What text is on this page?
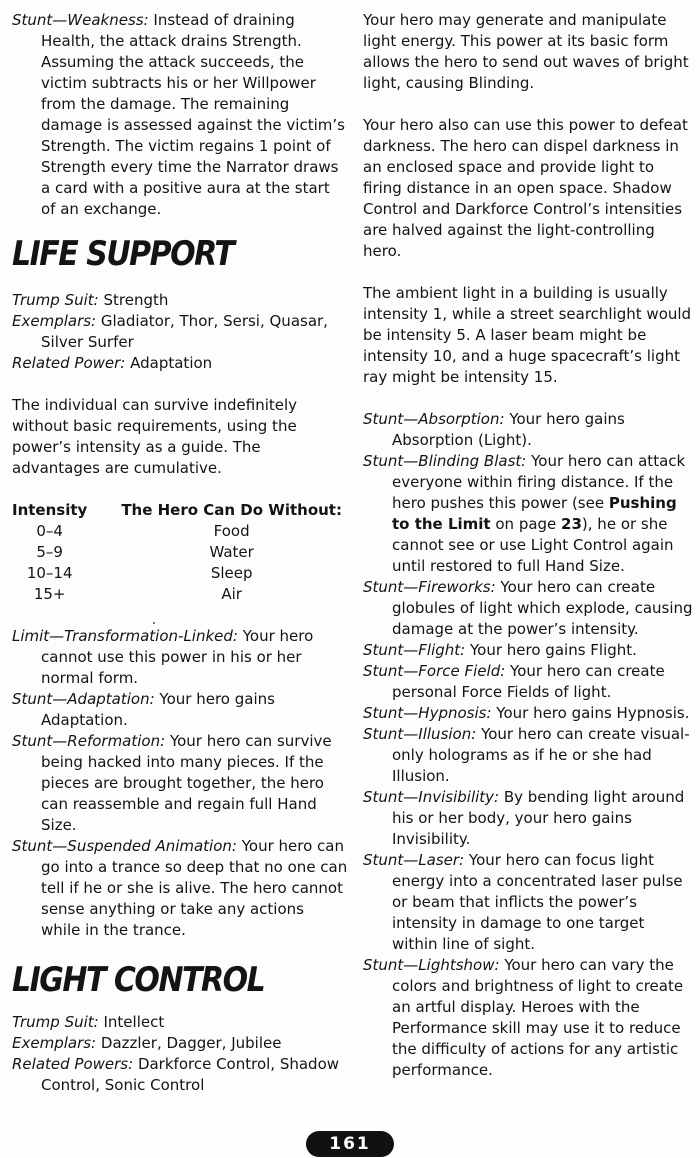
Stunt—Weakness: Instead of draining Health, the attack drains Strength. Assuming the attack succeeds, the victim subtracts his or her Willpower from the damage. The remaining damage is assessed against the victim’s Strength. The victim regains 1 point of Strength every time the Narrator draws a card with a positive aura at the start of an exchange.

LIFE SUPPORT

Trump Suit: Strength

Exemplars: Gladiator, Thor, Sersi, Quasar, Silver Surfer

Related Power: Adaptation

The individual can survive indefinitely without basic requirements, using the power’s intensity as a guide. The advantages are cumulative.

Intensity	The Hero Can Do Without:
0–4	Food
5–9	Water
10–14	Sleep
15+	Air

Limit—Transformation-Linked: Your hero cannot use this power in his or her normal form.

Stunt—Adaptation: Your hero gains Adaptation.

Stunt—Reformation: Your hero can survive being hacked into many pieces. If the pieces are brought together, the hero can reassemble and regain full Hand Size.

Stunt—Suspended Animation: Your hero can go into a trance so deep that no one can tell if he or she is alive. The hero cannot sense anything or take any actions while in the trance.

LIGHT CONTROL

Trump Suit: Intellect

Exemplars: Dazzler, Dagger, Jubilee

Related Powers: Darkforce Control, Shadow Control, Sonic Control

Your hero may generate and manipulate light energy. This power at its basic form allows the hero to send out waves of bright light, causing Blinding.

Your hero also can use this power to defeat darkness. The hero can dispel darkness in an enclosed space and provide light to firing distance in an open space. Shadow Control and Darkforce Control’s intensities are halved against the light-controlling hero.

The ambient light in a building is usually intensity 1, while a street searchlight would be intensity 5. A laser beam might be intensity 10, and a huge spacecraft’s light ray might be intensity 15.

Stunt—Absorption: Your hero gains Absorption (Light).

Stunt—Blinding Blast: Your hero can attack everyone within firing distance. If the hero pushes this power (see Pushing to the Limit on page 23), he or she cannot see or use Light Control again until restored to full Hand Size.

Stunt—Fireworks: Your hero can create globules of light which explode, causing damage at the power’s intensity.

Stunt—Flight: Your hero gains Flight.

Stunt—Force Field: Your hero can create personal Force Fields of light.

Stunt—Hypnosis: Your hero gains Hypnosis.

Stunt—Illusion: Your hero can create visual-only holograms as if he or she had Illusion.

Stunt—Invisibility: By bending light around his or her body, your hero gains Invisibility.

Stunt—Laser: Your hero can focus light energy into a concentrated laser pulse or beam that inflicts the power’s intensity in damage to one target within line of sight.

Stunt—Lightshow: Your hero can vary the colors and brightness of light to create an artful display. Heroes with the Performance skill may use it to reduce the difficulty of actions for any artistic performance.

161
